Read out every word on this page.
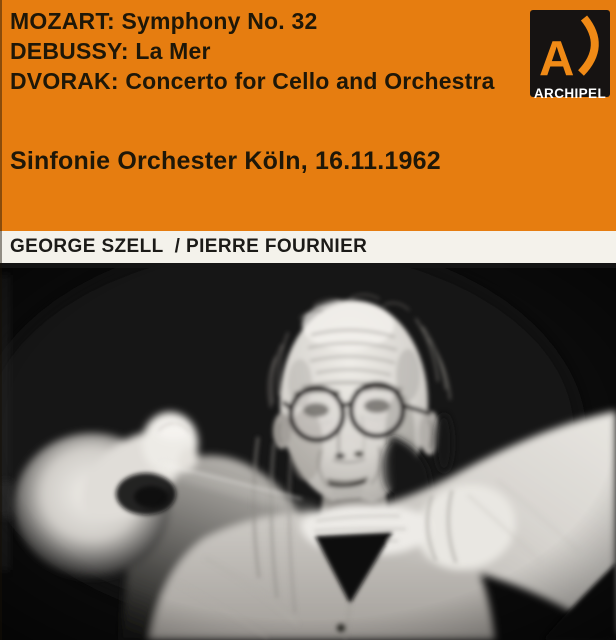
MOZART: Symphony No. 32
DEBUSSY: La Mer
DVORAK: Concerto for Cello and Orchestra
Sinfonie Orchester Köln, 16.11.1962
A
ARCHIPEL
GEORGE SZELL  / PIERRE FOURNIER
